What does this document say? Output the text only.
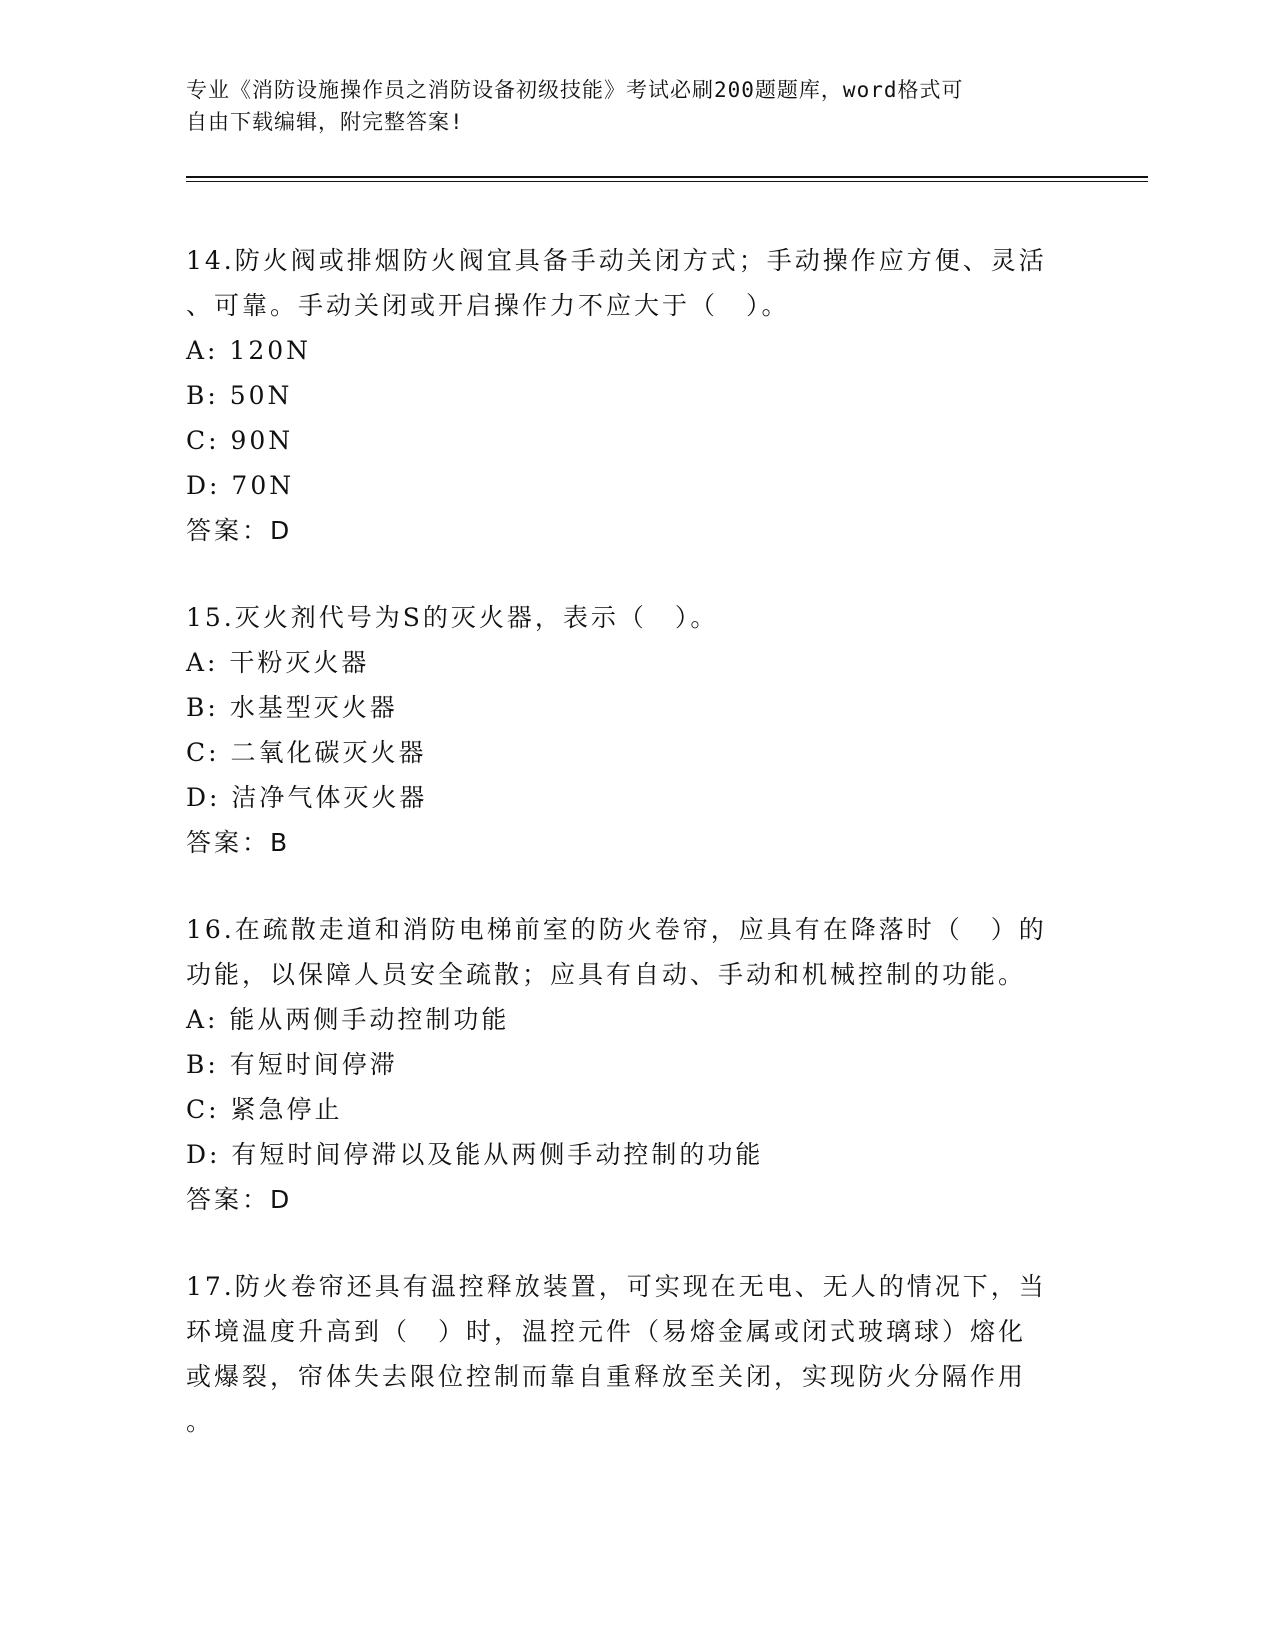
专业《消防设施操作员之消防设备初级技能》考试必刷200题题库，word格式可
自由下载编辑，附完整答案!
14.防火阀或排烟防火阀宜具备手动关闭方式；手动操作应方便、灵活
、可靠。手动关闭或开启操作力不应大于（　）。
A: 120N
B: 50N
C: 90N
D: 70N
答案：D
15.灭火剂代号为S的灭火器，表示（　）。
A: 干粉灭火器
B: 水基型灭火器
C: 二氧化碳灭火器
D: 洁净气体灭火器
答案：B
16.在疏散走道和消防电梯前室的防火卷帘，应具有在降落时（　）的
功能，以保障人员安全疏散；应具有自动、手动和机械控制的功能。
A: 能从两侧手动控制功能
B: 有短时间停滞
C: 紧急停止
D: 有短时间停滞以及能从两侧手动控制的功能
答案：D
17.防火卷帘还具有温控释放装置，可实现在无电、无人的情况下，当
环境温度升高到（　）时，温控元件（易熔金属或闭式玻璃球）熔化
或爆裂，帘体失去限位控制而靠自重释放至关闭，实现防火分隔作用
。
